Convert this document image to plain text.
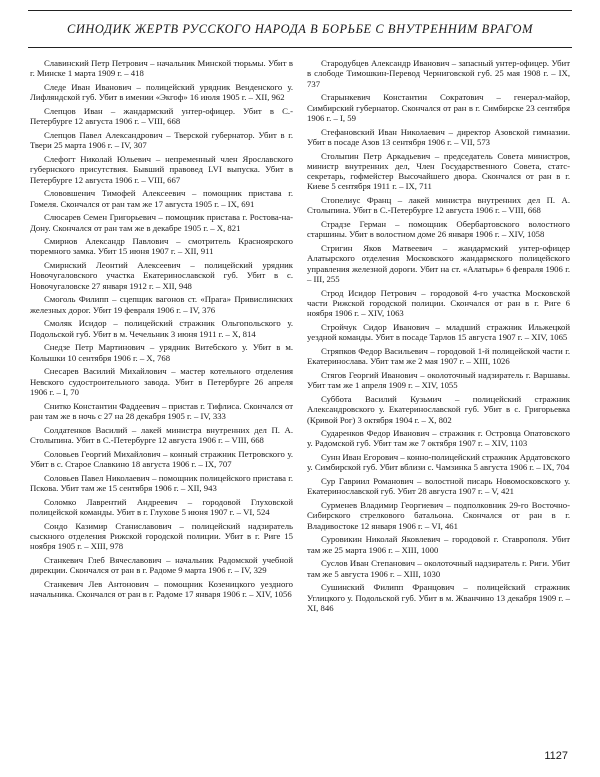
СИНОДИК ЖЕРТВ РУССКОГО НАРОДА В БОРЬБЕ С ВНУТРЕННИМ ВРАГОМ

Славинский Петр Петрович – начальник Минской тюрьмы. Убит в г. Минске 1 марта 1909 г. – 418

Следе Иван Иванович – полицейский урядник Венденского у. Лифляндской губ. Убит в имении «Экгоф» 16 июля 1905 г. – XII, 962

Слепцов Иван – жандармский унтер-офицер. Убит в С.-Петербурге 12 августа 1906 г. – VIII, 668

Слепцов Павел Александрович – Тверской губернатор. Убит в г. Твери 25 марта 1906 г. – IV, 307

Слефогт Николай Юльевич – непременный член Ярославского губернского присутствия. Бывший правовед LVI выпуска. Убит в Петербурге 12 августа 1906 г. – VIII, 667

Слововшенич Тимофей Алексеевич – помощник пристава г. Гомеля. Скончался от ран там же 17 августа 1905 г. – IX, 691

Слюсарев Семен Григорьевич – помощник пристава г. Ростова-на-Дону. Скончался от ран там же в декабре 1905 г. – X, 821

Смирнов Александр Павлович – смотритель Красноярского тюремного замка. Убит 15 июня 1907 г. – XII, 911

Смирнский Леонтий Алексеевич – полицейский урядник Новочугаловского участка Екатеринославской губ. Убит в с. Новочугаловске 27 января 1912 г. – XII, 948

Смоголь Филипп – сцепщик вагонов ст. «Прага» Привислинских железных дорог. Убит 19 февраля 1906 г. – IV, 376

Смоляк Исидор – полицейский стражник Ольгопольского у. Подольской губ. Убит в м. Чечельник 3 июня 1911 г. – X, 814

Снедзе Петр Мартинович – урядник Витебского у. Убит в м. Колышки 10 сентября 1906 г. – X, 768

Снесарев Василий Михайлович – мастер котельного отделения Невского судостроительного завода. Убит в Петербурге 26 апреля 1906 г. – I, 70

Снитко Константин Фаддеевич – пристав г. Тифлиса. Скончался от ран там же в ночь с 27 на 28 декабря 1905 г. – IV, 333

Солдатенков Василий – лакей министра внутренних дел П. А. Столыпина. Убит в С.-Петербурге 12 августа 1906 г. – VIII, 668

Соловьев Георгий Михайлович – конный стражник Петровского у. Убит в с. Старое Славкино 18 августа 1906 г. – IX, 707

Соловьев Павел Николаевич – помощник полицейского пристава г. Пскова. Убит там же 15 сентября 1906 г. – XII, 943

Соломко Лаврентий Андреевич – городовой Глуховской полицейской команды. Убит в г. Глухове 5 июня 1907 г. – VI, 524

Сондо Казимир Станиславович – полицейский надзиратель сыскного отделения Рижской городской полиции. Убит в г. Риге 15 ноября 1905 г. – XIII, 978

Станкевич Глеб Вячеславович – начальник Радомской учебной дирекции. Скончался от ран в г. Радоме 9 марта 1906 г. – IV, 329

Станкевич Лев Антонович – помощник Козеницкого уездного начальника. Скончался от ран в г. Радоме 17 января 1906 г. – XIV, 1056

Стародубцев Александр Иванович – запасный унтер-офицер. Убит в слободе Тимошкин-Перевод Черниговской губ. 25 мая 1908 г. – IX, 737

Старынкевич Константин Сократович – генерал-майор, Симбирский губернатор. Скончался от ран в г. Симбирске 23 сентября 1906 г. – I, 59

Стефановский Иван Николаевич – директор Азовской гимназии. Убит в посаде Азов 13 сентября 1906 г. – VII, 573

Столыпин Петр Аркадьевич – председатель Совета министров, министр внутренних дел, Член Государственного Совета, статс-секретарь, гофмейстер Высочайшего двора. Скончался от ран в г. Киеве 5 сентября 1911 г. – IX, 711

Стопелиус Франц – лакей министра внутренних дел П. А. Столыпина. Убит в С.-Петербурге 12 августа 1906 г. – VIII, 668

Страдзе Герман – помощник Обербартовского волостного старшины. Убит в волостном доме 26 января 1906 г. – XIV, 1058

Стригин Яков Матвеевич – жандармский унтер-офицер Алатырского отделения Московского жандармского полицейского управления железной дороги. Убит на ст. «Алатырь» 6 февраля 1906 г. – III, 255

Строд Исидор Петрович – городовой 4-го участка Московской части Рижской городской полиции. Скончался от ран в г. Риге 6 ноября 1906 г. – XIV, 1063

Стройчук Сидор Иванович – младший стражник Ильжецкой уездной команды. Убит в посаде Тарлов 15 августа 1907 г. – XIV, 1065

Стряпков Федор Васильевич – городовой 1-й полицейской части г. Екатеринослава. Убит там же 2 мая 1907 г. – XIII, 1026

Стягов Георгий Иванович – околоточный надзиратель г. Варшавы. Убит там же 1 апреля 1909 г. – XIV, 1055

Суббота Василий Кузьмич – полицейский стражник Александровского у. Екатеринославской губ. Убит в с. Григорьевка (Кривой Рог) 3 октября 1904 г. – X, 802

Сударенков Федор Иванович – стражник г. Островца Опатовского у. Радомской губ. Убит там же 7 октября 1907 г. – XIV, 1103

Сунн Иван Егорович – конно-полицейский стражник Ардатовского у. Симбирской губ. Убит вблизи с. Чамзинка 5 августа 1906 г. – IX, 704

Сур Гавриил Романович – волостной писарь Новомосковского у. Екатеринославской губ. Убит 28 августа 1907 г. – V, 421

Сурменев Владимир Георгиевич – подполковник 29-го Восточно-Сибирского стрелкового батальона. Скончался от ран в г. Владивостоке 12 января 1906 г. – VI, 461

Суровикин Николай Яковлевич – городовой г. Ставрополя. Убит там же 25 марта 1906 г. – XIII, 1000

Суслов Иван Степанович – околоточный надзиратель г. Риги. Убит там же 5 августа 1906 г. – XIII, 1030

Сушинский Филипп Францович – полицейский стражник Углицкого у. Подольской губ. Убит в м. Жванчино 13 декабря 1909 г. – XI, 846

1127
